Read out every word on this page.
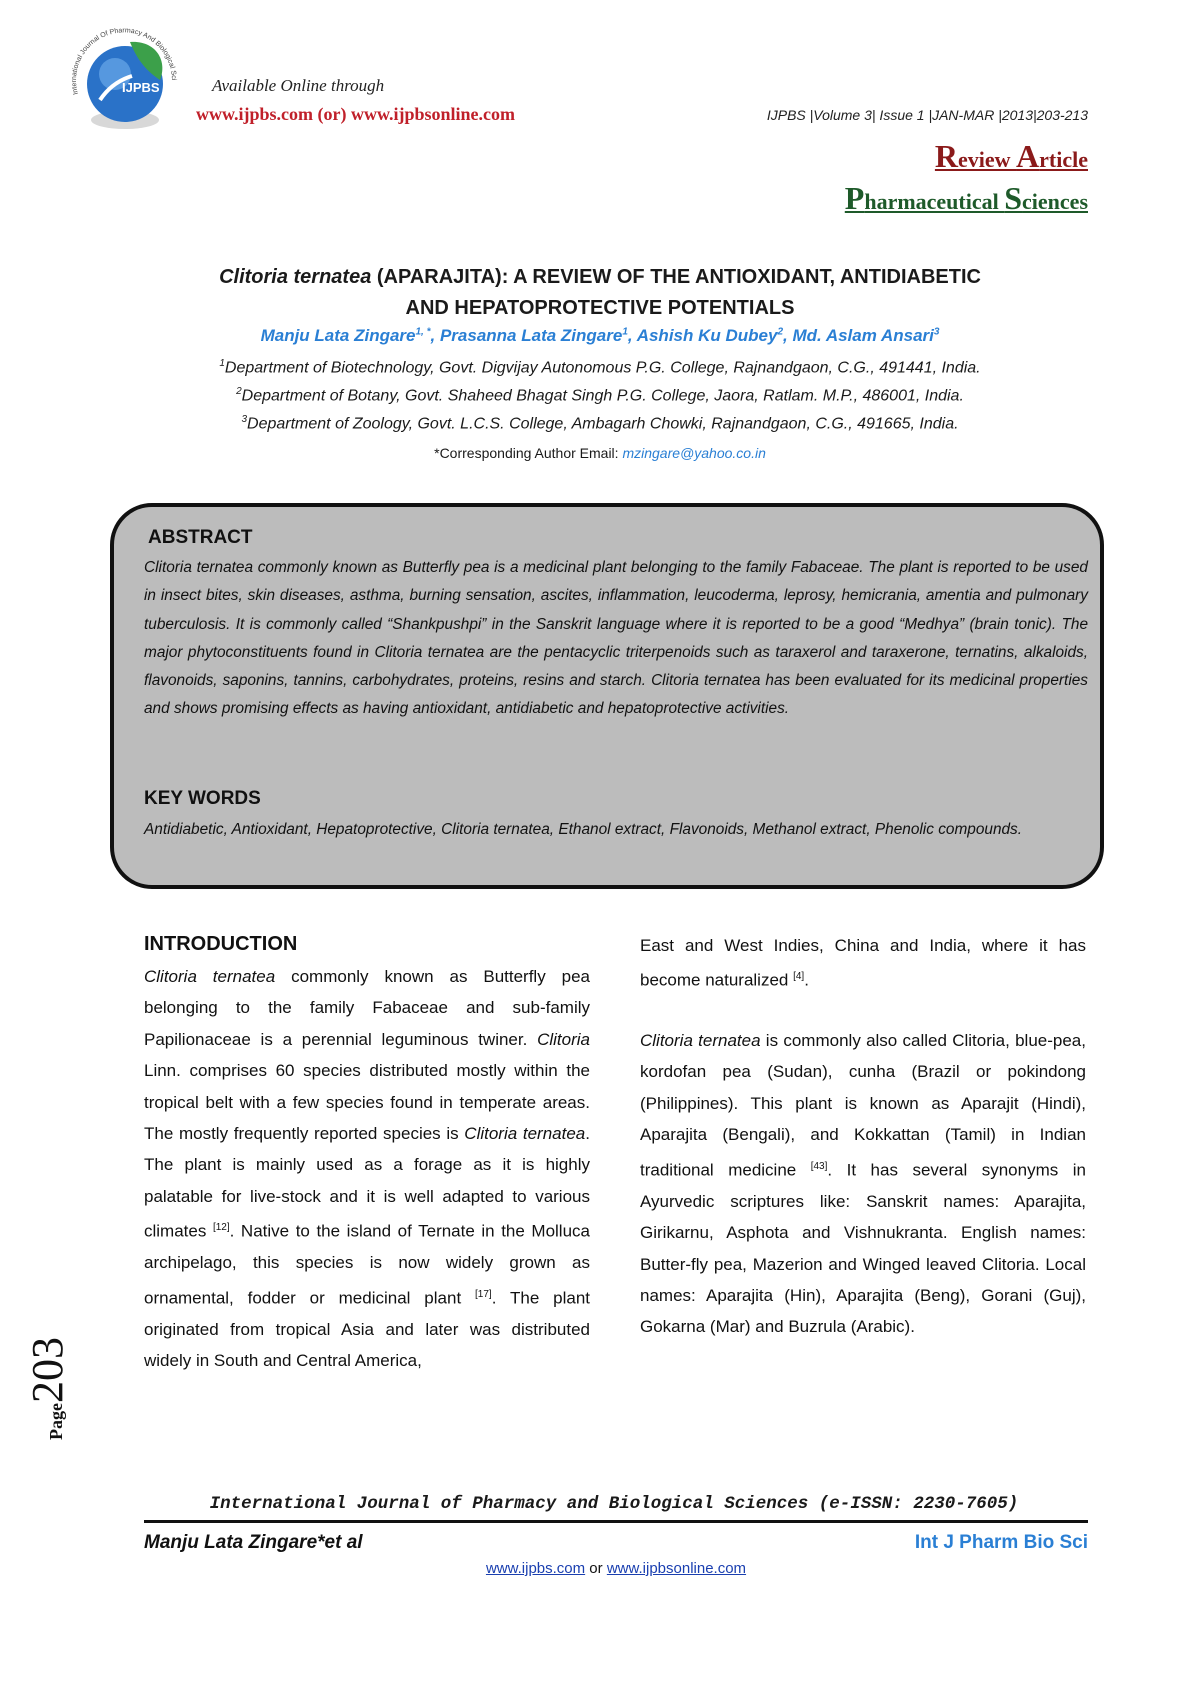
IJPBS
International Journal Of Pharmacy And Biological Sci Available Online through
www.ijpbs.com (or) www.ijpbsonline.com	IJPBS |Volume 3| Issue 1 |JAN-MAR |2013|203-213
Review Article
Pharmaceutical Sciences
Clitoria ternatea (APARAJITA): A REVIEW OF THE ANTIOXIDANT, ANTIDIABETIC
AND HEPATOPROTECTIVE POTENTIALS
Manju Lata Zingare$^{1, *}$, Prasanna Lata Zingare$^1$, Ashish Ku Dubey$^2$, Md. Aslam Ansari$^3$
$^1$Department of Biotechnology, Govt. Digvijay Autonomous P.G. College, Rajnandgaon, C.G., 491441, India.
$^2$Department of Botany, Govt. Shaheed Bhagat Singh P.G. College, Jaora, Ratlam. M.P., 486001, India.
$^3$Department of Zoology, Govt. L.C.S. College, Ambagarh Chowki, Rajnandgaon, C.G., 491665, India.
*Corresponding Author Email: mzingare@yahoo.co.in
ABSTRACT
Clitoria ternatea commonly known as Butterfly pea is a medicinal plant belonging to the family Fabaceae. The plant is reported to be used in insect bites, skin diseases, asthma, burning sensation, ascites, inflammation, leucoderma, leprosy, hemicrania, amentia and pulmonary tuberculosis. It is commonly called “Shankpushpi” in the Sanskrit language where it is reported to be a good “Medhya” (brain tonic). The major phytoconstituents found in Clitoria ternatea are the pentacyclic triterpenoids such as taraxerol and taraxerone, ternatins, alkaloids, flavonoids, saponins, tannins, carbohydrates, proteins, resins and starch. Clitoria ternatea has been evaluated for its medicinal properties and shows promising effects as having antioxidant, antidiabetic and hepatoprotective activities.
KEY WORDS
Antidiabetic, Antioxidant, Hepatoprotective, Clitoria ternatea, Ethanol extract, Flavonoids, Methanol extract, Phenolic compounds.
INTRODUCTION
Clitoria ternatea commonly known as Butterfly pea belonging to the family Fabaceae and sub-family Papilionaceae is a perennial leguminous twiner. Clitoria Linn. comprises 60 species distributed mostly within the tropical belt with a few species found in temperate areas. The mostly frequently reported species is Clitoria ternatea. The plant is mainly used as a forage as it is highly palatable for live-stock and it is well adapted to various climates [12]. Native to the island of Ternate in the Molluca archipelago, this species is now widely grown as ornamental, fodder or medicinal plant [17]. The plant originated from tropical Asia and later was distributed widely in South and Central America,
East and West Indies, China and India, where it has become naturalized [4].
Clitoria ternatea is commonly also called Clitoria, blue-pea, kordofan pea (Sudan), cunha (Brazil or pokindong (Philippines). This plant is known as Aparajit (Hindi), Aparajita (Bengali), and Kokkattan (Tamil) in Indian traditional medicine [43]. It has several synonyms in Ayurvedic scriptures like: Sanskrit names: Aparajita, Girikarnu, Asphota and Vishnukranta. English names: Butter-fly pea, Mazerion and Winged leaved Clitoria. Local names: Aparajita (Hin), Aparajita (Beng), Gorani (Guj), Gokarna (Mar) and Buzrula (Arabic).
Page203
International Journal of Pharmacy and Biological Sciences (e-ISSN: 2230-7605)
Manju Lata Zingare*et al	Int J Pharm Bio Sci
www.ijpbs.com or www.ijpbsonline.com
